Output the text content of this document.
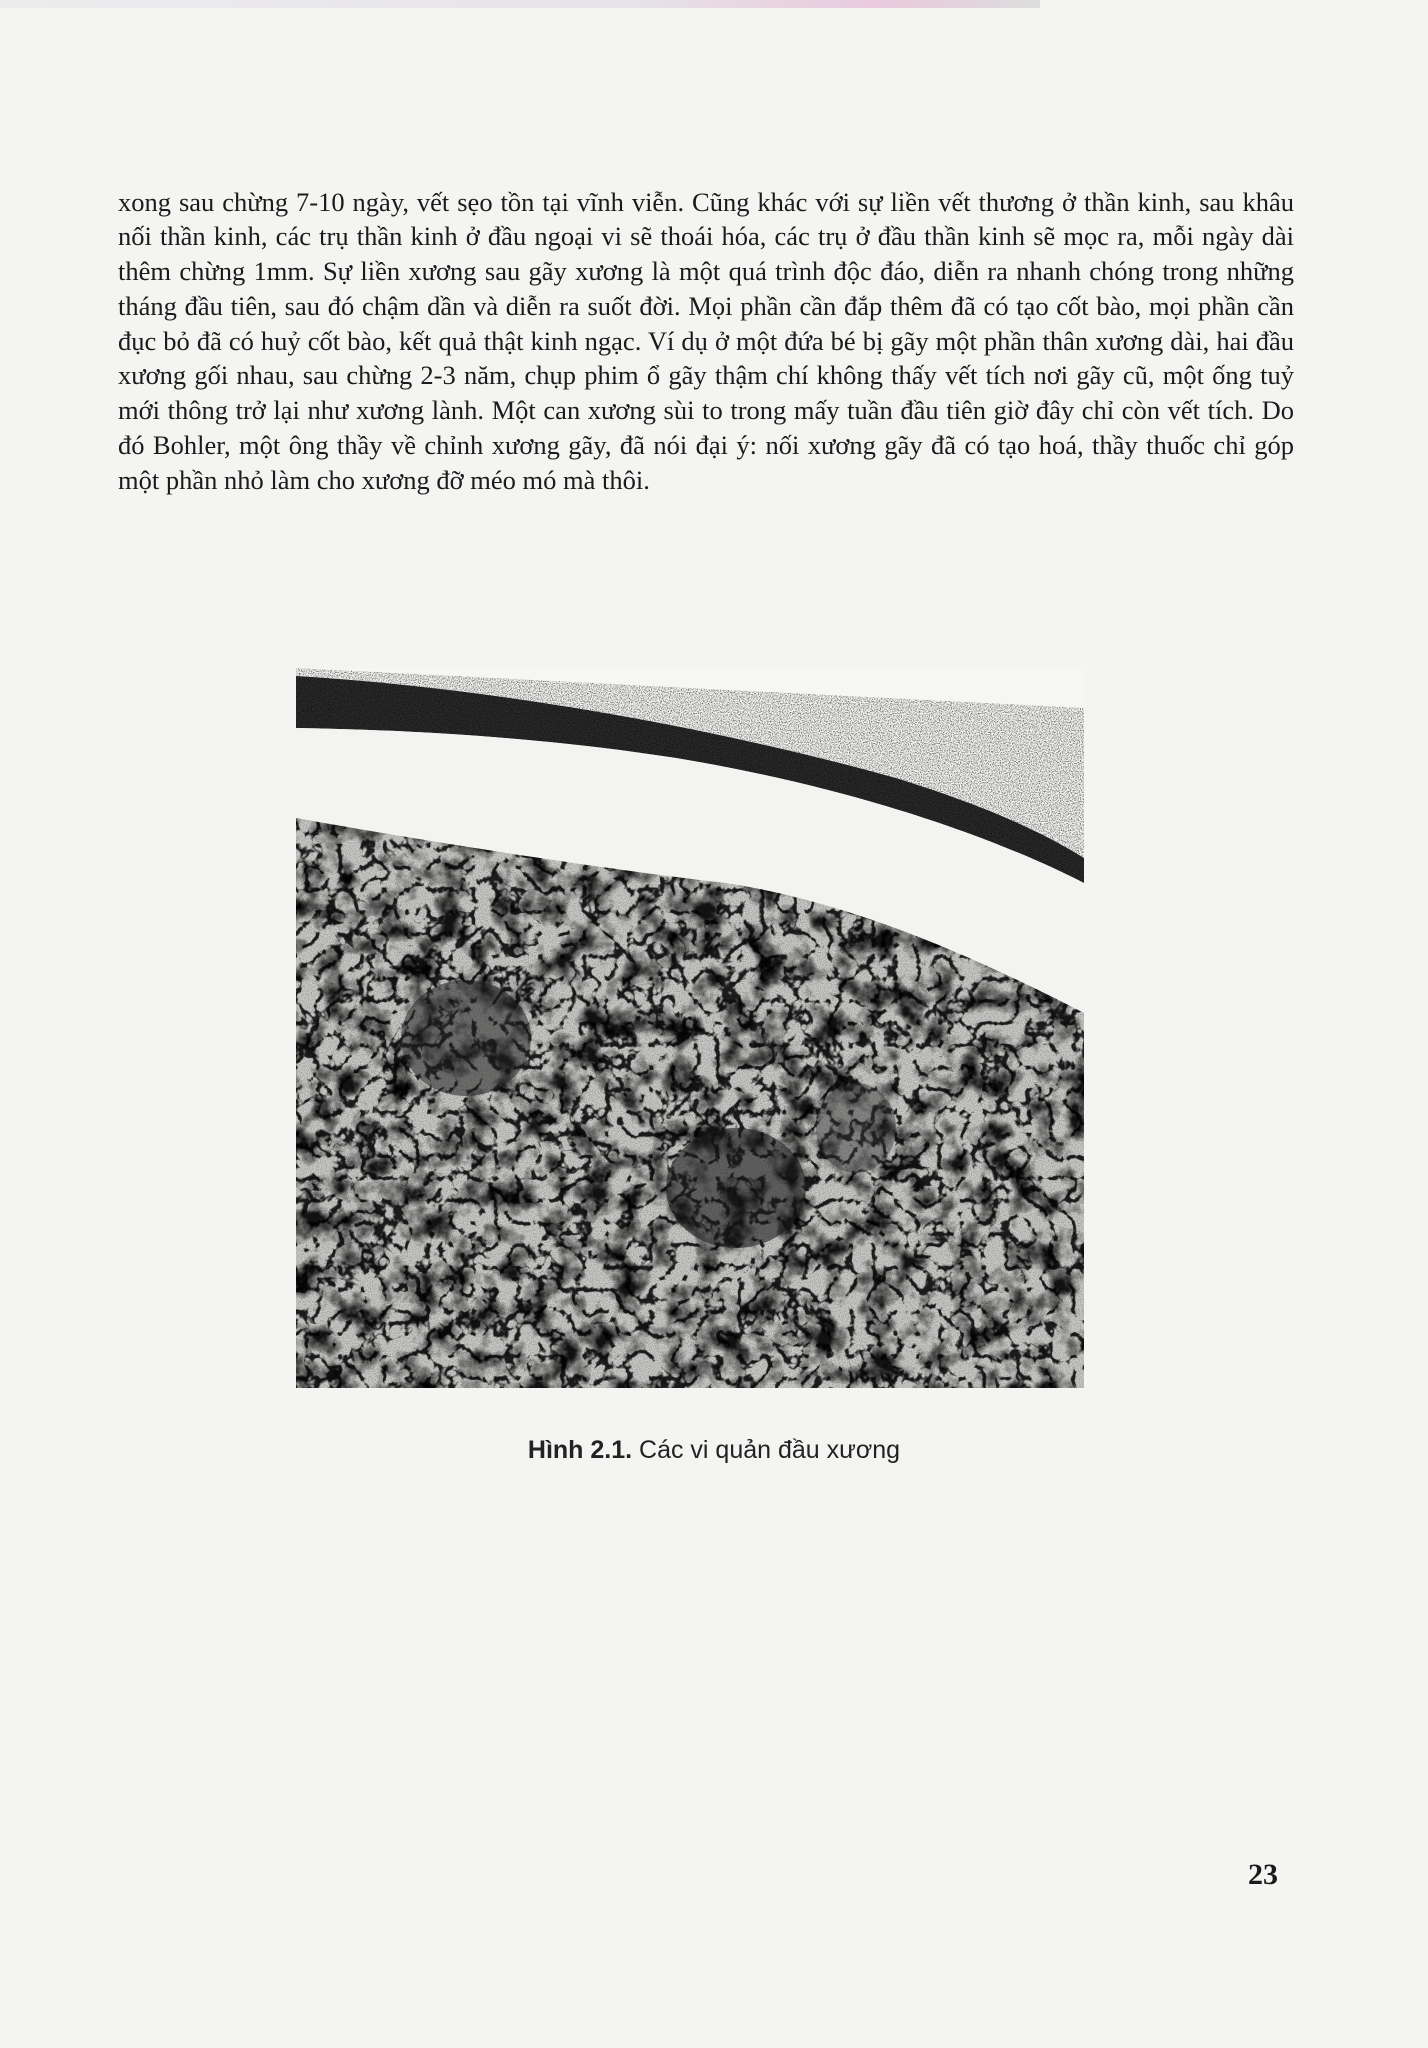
xong sau chừng 7-10 ngày, vết sẹo tồn tại vĩnh viễn. Cũng khác với sự liền vết thương ở thần kinh, sau khâu nối thần kinh, các trụ thần kinh ở đầu ngoại vi sẽ thoái hóa, các trụ ở đầu thần kinh sẽ mọc ra, mỗi ngày dài thêm chừng 1mm. Sự liền xương sau gãy xương là một quá trình độc đáo, diễn ra nhanh chóng trong những tháng đầu tiên, sau đó chậm dần và diễn ra suốt đời. Mọi phần cần đắp thêm đã có tạo cốt bào, mọi phần cần đục bỏ đã có huỷ cốt bào, kết quả thật kinh ngạc. Ví dụ ở một đứa bé bị gãy một phần thân xương dài, hai đầu xương gối nhau, sau chừng 2-3 năm, chụp phim ổ gãy thậm chí không thấy vết tích nơi gãy cũ, một ống tuỷ mới thông trở lại như xương lành. Một can xương sùi to trong mấy tuần đầu tiên giờ đây chỉ còn vết tích. Do đó Bohler, một ông thầy về chỉnh xương gãy, đã nói đại ý: nối xương gãy đã có tạo hoá, thầy thuốc chỉ góp một phần nhỏ làm cho xương đỡ méo mó mà thôi.

Hình 2.1. Các vi quản đầu xương
23
